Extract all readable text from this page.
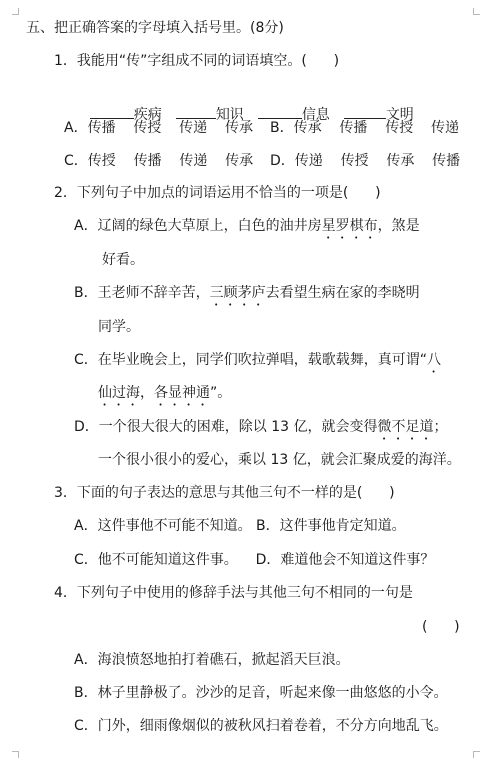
五、把正确答案的字母填入括号里。(8分)
1．我能用“传”字组成不同的词语填空。(      )

疾病	知识	信息	文明

A．传播    传授    传递    传承 B．传承    传播    传授    传递
C．传授    传播    传递    传承 D．传递    传授    传承    传播
2．下列句子中加点的词语运用不恰当的一项是(      )
A．辽阔的绿色大草原上，白色的油井房星罗棋布，煞是
好看。
B．王老师不辞辛苦，三顾茅庐去看望生病在家的李晓明
同学。
C．在毕业晚会上，同学们吹拉弹唱，载歌载舞，真可谓“八
仙过海，各显神通”。
D．一个很大很大的困难，除以 13 亿，就会变得微不足道；
一个很小很小的爱心，乘以 13 亿，就会汇聚成爱的海洋。
3．下面的句子表达的意思与其他三句不一样的是(      )
A．这件事他不可能不知道。 B．这件事他肯定知道。
C．他不可能知道这件事。    D．难道他会不知道这件事？
4．下列句子中使用的修辞手法与其他三句不相同的一句是
(      )
A．海浪愤怒地拍打着礁石，掀起滔天巨浪。
B．林子里静极了。沙沙的足音，听起来像一曲悠悠的小令。
C．门外，细雨像烟似的被秋风扫着卷着，不分方向地乱飞。
